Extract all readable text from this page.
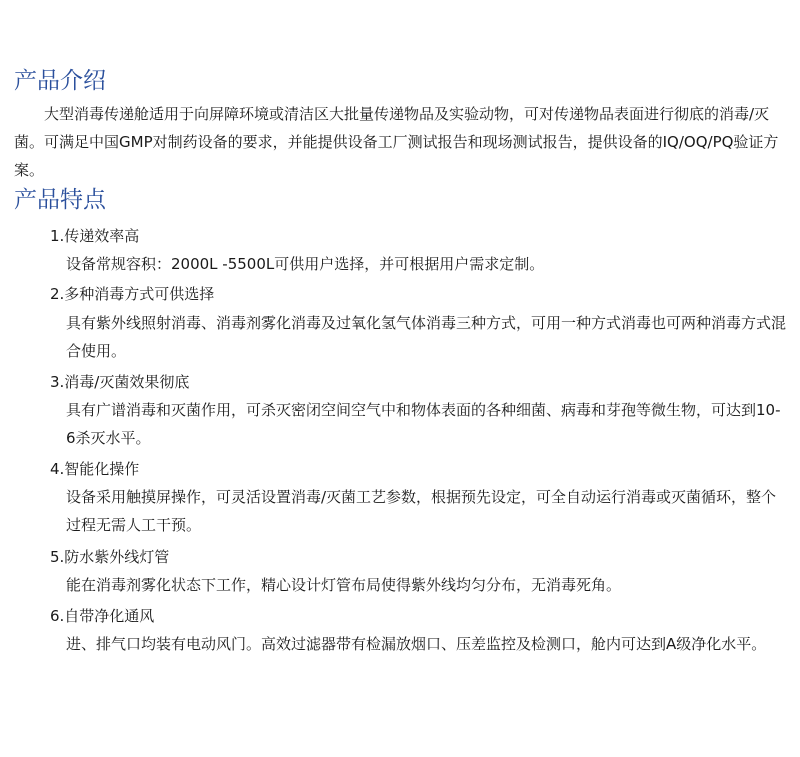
产品介绍

大型消毒传递舱适用于向屏障环境或清洁区大批量传递物品及实验动物，可对传递物品表面进行彻底的消毒/灭菌。可满足中国GMP对制药设备的要求，并能提供设备工厂测试报告和现场测试报告，提供设备的IQ/OQ/PQ验证方案。

产品特点

1.传递效率高

设备常规容积：2000L -5500L可供用户选择，并可根据用户需求定制。

2.多种消毒方式可供选择

具有紫外线照射消毒、消毒剂雾化消毒及过氧化氢气体消毒三种方式，可用一种方式消毒也可两种消毒方式混合使用。

3.消毒/灭菌效果彻底

具有广谱消毒和灭菌作用，可杀灭密闭空间空气中和物体表面的各种细菌、病毒和芽孢等微生物，可达到10-6杀灭水平。

4.智能化操作

设备采用触摸屏操作，可灵活设置消毒/灭菌工艺参数，根据预先设定，可全自动运行消毒或灭菌循环，整个过程无需人工干预。

5.防水紫外线灯管

能在消毒剂雾化状态下工作，精心设计灯管布局使得紫外线均匀分布，无消毒死角。

6.自带净化通风

进、排气口均装有电动风门。高效过滤器带有检漏放烟口、压差监控及检测口，舱内可达到A级净化水平。
